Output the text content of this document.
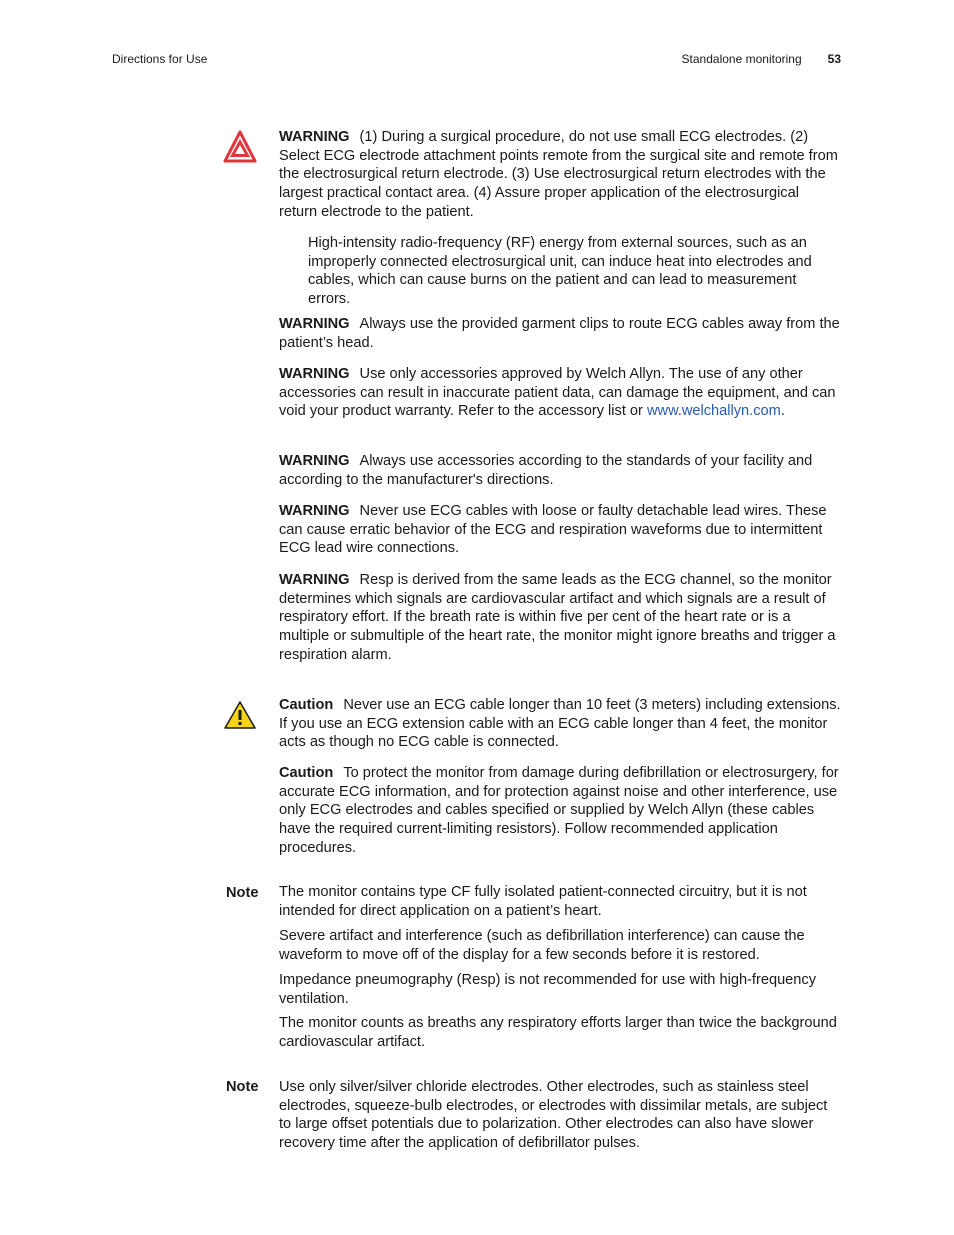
Directions for Use	Standalone monitoring 53

WARNING (1) During a surgical procedure, do not use small ECG electrodes. (2) Select ECG electrode attachment points remote from the surgical site and remote from the electrosurgical return electrode. (3) Use electrosurgical return electrodes with the largest practical contact area. (4) Assure proper application of the electrosurgical return electrode to the patient.

High-intensity radio-frequency (RF) energy from external sources, such as an improperly connected electrosurgical unit, can induce heat into electrodes and cables, which can cause burns on the patient and can lead to measurement errors.

WARNING Always use the provided garment clips to route ECG cables away from the patient’s head.

WARNING Use only accessories approved by Welch Allyn. The use of any other accessories can result in inaccurate patient data, can damage the equipment, and can void your product warranty. Refer to the accessory list or www.welchallyn.com.

WARNING Always use accessories according to the standards of your facility and according to the manufacturer's directions.

WARNING Never use ECG cables with loose or faulty detachable lead wires. These can cause erratic behavior of the ECG and respiration waveforms due to intermittent ECG lead wire connections.

WARNING Resp is derived from the same leads as the ECG channel, so the monitor determines which signals are cardiovascular artifact and which signals are a result of respiratory effort. If the breath rate is within five per cent of the heart rate or is a multiple or submultiple of the heart rate, the monitor might ignore breaths and trigger a respiration alarm.

Caution Never use an ECG cable longer than 10 feet (3 meters) including extensions. If you use an ECG extension cable with an ECG cable longer than 4 feet, the monitor acts as though no ECG cable is connected.

Caution To protect the monitor from damage during defibrillation or electrosurgery, for accurate ECG information, and for protection against noise and other interference, use only ECG electrodes and cables specified or supplied by Welch Allyn (these cables have the required current-limiting resistors). Follow recommended application procedures.

Note The monitor contains type CF fully isolated patient-connected circuitry, but it is not intended for direct application on a patient’s heart.

Severe artifact and interference (such as defibrillation interference) can cause the waveform to move off of the display for a few seconds before it is restored.

Impedance pneumography (Resp) is not recommended for use with high-frequency ventilation.

The monitor counts as breaths any respiratory efforts larger than twice the background cardiovascular artifact.

Note Use only silver/silver chloride electrodes. Other electrodes, such as stainless steel electrodes, squeeze-bulb electrodes, or electrodes with dissimilar metals, are subject to large offset potentials due to polarization. Other electrodes can also have slower recovery time after the application of defibrillator pulses.
